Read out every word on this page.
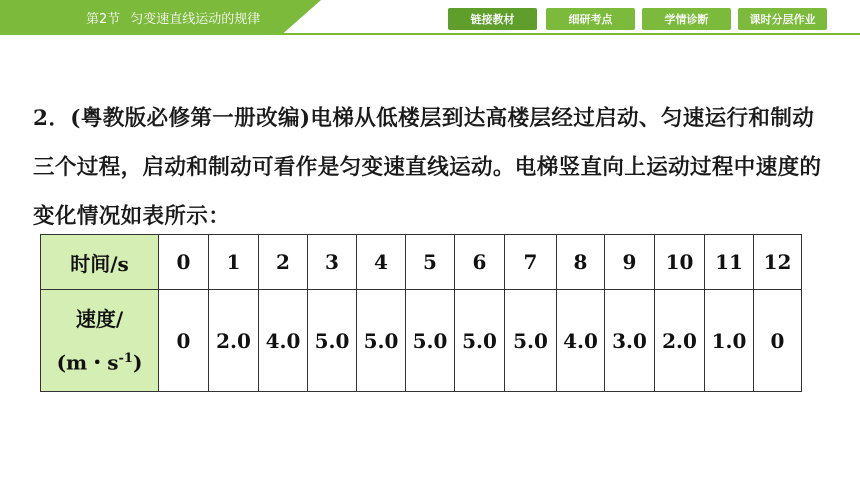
第2节 匀变速直线运动的规律	链接教材	细研考点	学情诊断	课时分层作业
2．(粤教版必修第一册改编)电梯从低楼层到达高楼层经过启动、匀速运行和制动三个过程，启动和制动可看作是匀变速直线运动。电梯竖直向上运动过程中速度的变化情况如表所示：
时间/s	0	1	2	3	4	5	6	7	8	9	10	11	12

速度/
(m・$s^{-1}$)	0	2.0	4.0	5.0	5.0	5.0	5.0	5.0	4.0	3.0	2.0	1.0	0
